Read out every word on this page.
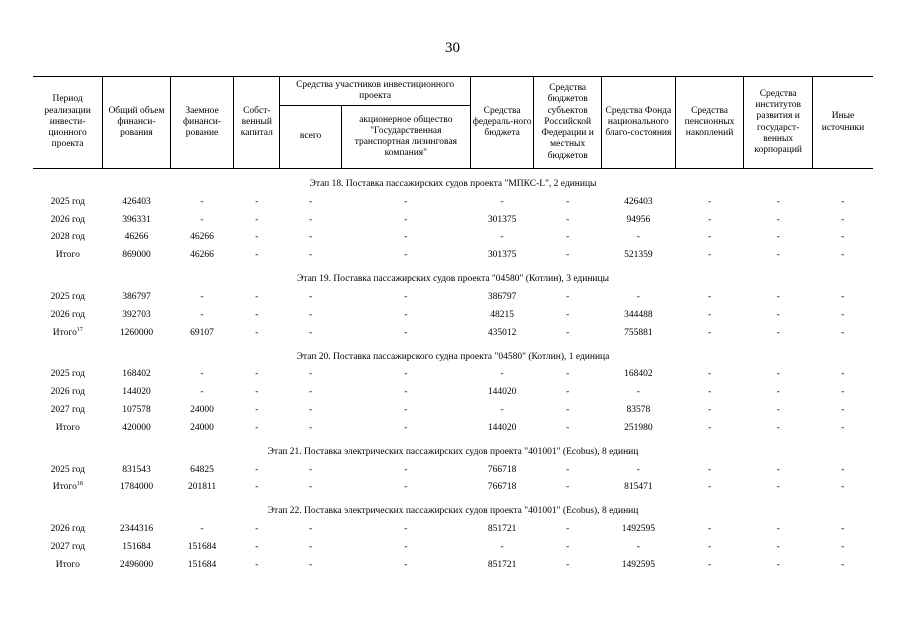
30
Период реализации инвести-ционного проекта	Общий объем финанси-рования	Заемное финанси-рование	Собст-венный капитал	Средства участников инвестиционного проекта		Средства федераль-ного бюджета	Средства бюджетов субъектов Российской Федерации и местных бюджетов	Средства Фонда национального благо-состояния	Средства пенсионных накоплений	Средства институтов развития и государст-венных корпораций	Иные источники
				всего	акционерное общество "Государственная транспортная лизинговая компания"						
Этап 18. Поставка пассажирских судов проекта "МПКС-L", 2 единицы											
2025 год	426403	-	-	-	-	-	-	426403	-	-	-
2026 год	396331	-	-	-	-	301375	-	94956	-	-	-
2028 год	46266	46266	-	-	-	-	-	-	-	-	-
Итого	869000	46266	-	-	-	301375	-	521359	-	-	-
Этап 19. Поставка пассажирских судов проекта "04580" (Котлин), 3 единицы											
2025 год	386797	-	-	-	-	386797	-	-	-	-	-
2026 год	392703	-	-	-	-	48215	-	344488	-	-	-
Итого$^{17}$	1260000	69107	-	-	-	435012	-	755881	-	-	-
Этап 20. Поставка пассажирского судна проекта "04580" (Котлин), 1 единица											
2025 год	168402	-	-	-	-	-	-	168402	-	-	-
2026 год	144020	-	-	-	-	144020	-	-	-	-	-
2027 год	107578	24000	-	-	-	-	-	83578	-	-	-
Итого	420000	24000	-	-	-	144020	-	251980	-	-	-
Этап 21. Поставка электрических пассажирских судов проекта "401001" (Ecobus), 8 единиц											
2025 год	831543	64825	-	-	-	766718	-	-	-	-	-
Итого$^{18}$	1784000	201811	-	-	-	766718	-	815471	-	-	-
Этап 22. Поставка электрических пассажирских судов проекта "401001" (Ecobus), 8 единиц											
2026 год	2344316	-	-	-	-	851721	-	1492595	-	-	-
2027 год	151684	151684	-	-	-	-	-	-	-	-	-
Итого	2496000	151684	-	-	-	851721	-	1492595	-	-	-
